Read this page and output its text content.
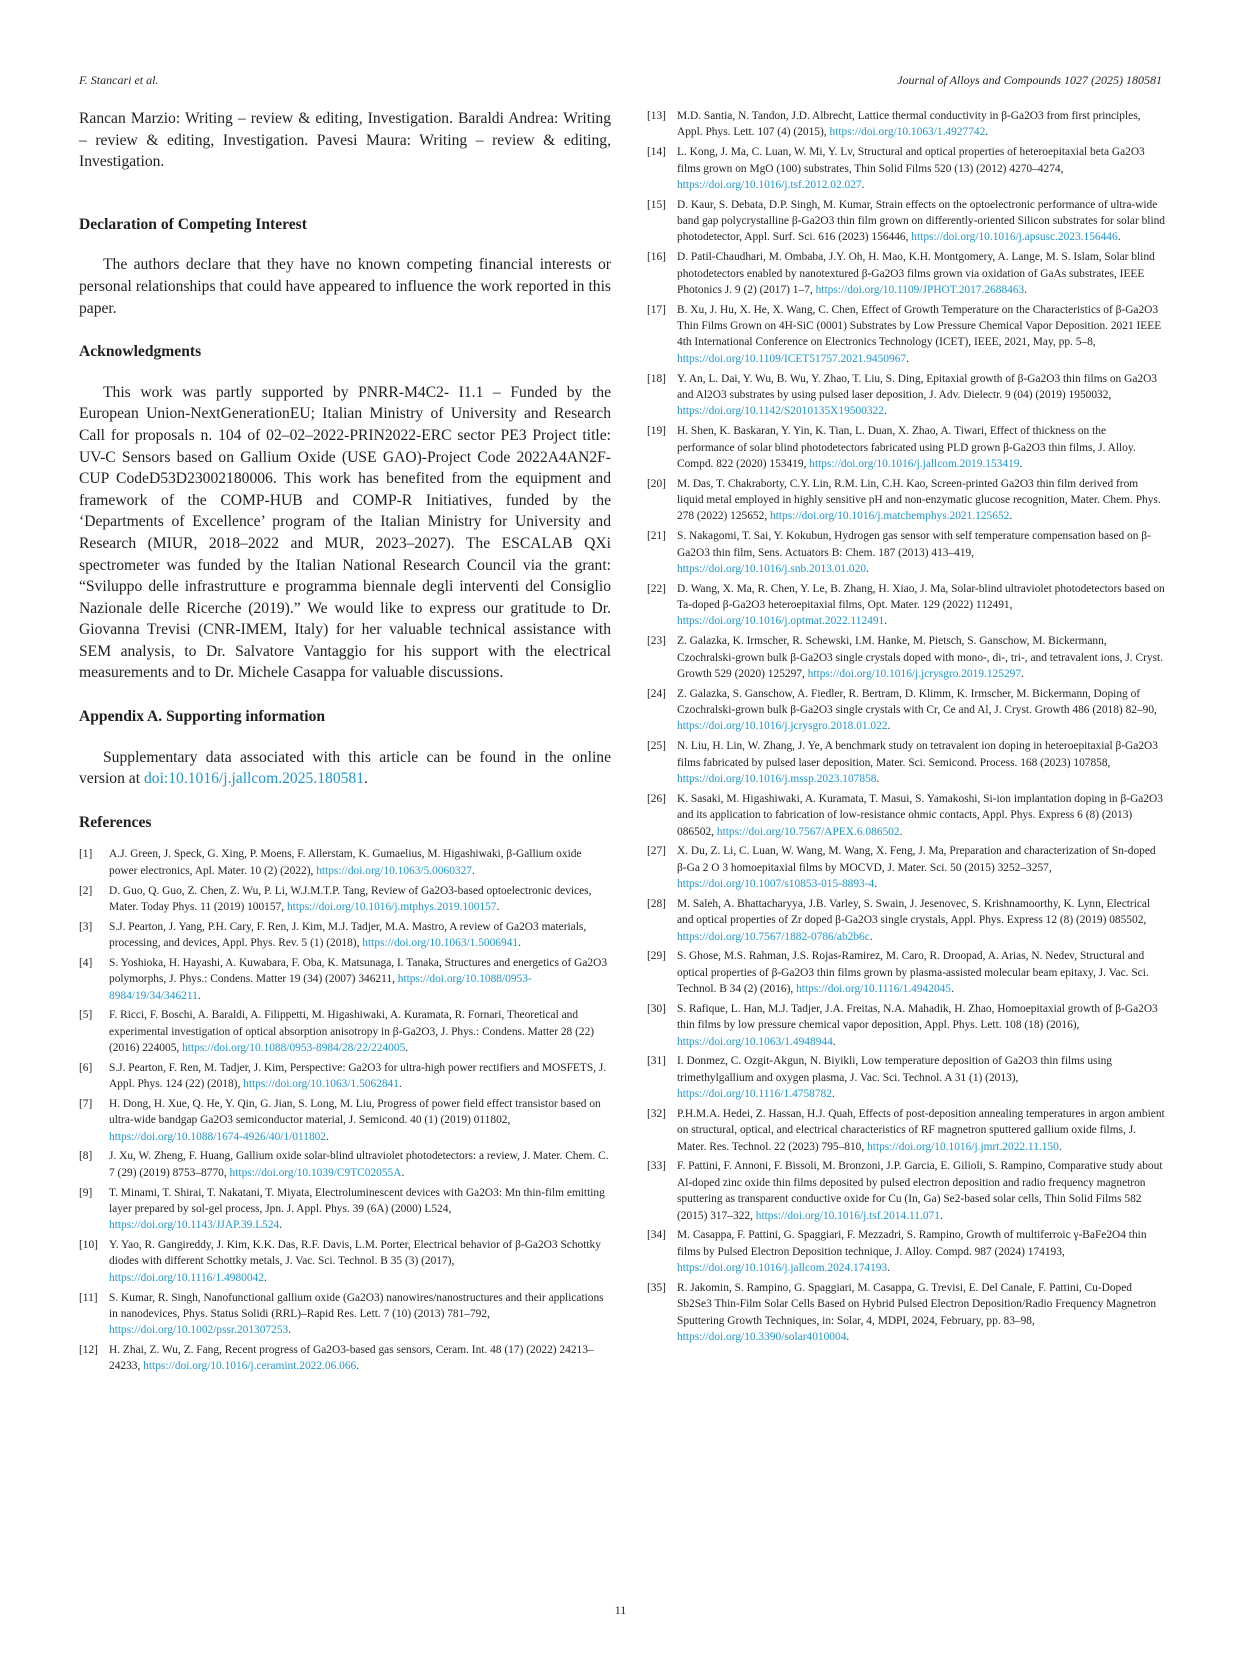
F. Stancari et al.	Journal of Alloys and Compounds 1027 (2025) 180581

Rancan Marzio: Writing – review & editing, Investigation. Baraldi Andrea: Writing – review & editing, Investigation. Pavesi Maura: Writing – review & editing, Investigation.

Declaration of Competing Interest

The authors declare that they have no known competing financial interests or personal relationships that could have appeared to influence the work reported in this paper.

Acknowledgments

This work was partly supported by PNRR-M4C2- I1.1 – Funded by the European Union-NextGenerationEU; Italian Ministry of University and Research Call for proposals n. 104 of 02–02–2022-PRIN2022-ERC sector PE3 Project title: UV-C Sensors based on Gallium Oxide (USE GAO)-Project Code 2022A4AN2F-CUP CodeD53D23002180006. This work has benefited from the equipment and framework of the COMP-HUB and COMP-R Initiatives, funded by the ‘Departments of Excellence’ program of the Italian Ministry for University and Research (MIUR, 2018–2022 and MUR, 2023–2027). The ESCALAB QXi spectrometer was funded by the Italian National Research Council via the grant: “Sviluppo delle infrastrutture e programma biennale degli interventi del Consiglio Nazionale delle Ricerche (2019).” We would like to express our gratitude to Dr. Giovanna Trevisi (CNR-IMEM, Italy) for her valuable technical assistance with SEM analysis, to Dr. Salvatore Vantaggio for his support with the electrical measurements and to Dr. Michele Casappa for valuable discussions.

Appendix A. Supporting information

Supplementary data associated with this article can be found in the online version at doi:10.1016/j.jallcom.2025.180581.

References
[1]	A.J. Green, J. Speck, G. Xing, P. Moens, F. Allerstam, K. Gumaelius, M. Higashiwaki, β-Gallium oxide power electronics, Apl. Mater. 10 (2) (2022), https://doi.org/10.1063/5.0060327.
[2]	D. Guo, Q. Guo, Z. Chen, Z. Wu, P. Li, W.J.M.T.P. Tang, Review of Ga2O3-based optoelectronic devices, Mater. Today Phys. 11 (2019) 100157, https://doi.org/10.1016/j.mtphys.2019.100157.
[3]	S.J. Pearton, J. Yang, P.H. Cary, F. Ren, J. Kim, M.J. Tadjer, M.A. Mastro, A review of Ga2O3 materials, processing, and devices, Appl. Phys. Rev. 5 (1) (2018), https://doi.org/10.1063/1.5006941.
[4]	S. Yoshioka, H. Hayashi, A. Kuwabara, F. Oba, K. Matsunaga, I. Tanaka, Structures and energetics of Ga2O3 polymorphs, J. Phys.: Condens. Matter 19 (34) (2007) 346211, https://doi.org/10.1088/0953-8984/19/34/346211.
[5]	F. Ricci, F. Boschi, A. Baraldi, A. Filippetti, M. Higashiwaki, A. Kuramata, R. Fornari, Theoretical and experimental investigation of optical absorption anisotropy in β-Ga2O3, J. Phys.: Condens. Matter 28 (22) (2016) 224005, https://doi.org/10.1088/0953-8984/28/22/224005.
[6]	S.J. Pearton, F. Ren, M. Tadjer, J. Kim, Perspective: Ga2O3 for ultra-high power rectifiers and MOSFETS, J. Appl. Phys. 124 (22) (2018), https://doi.org/10.1063/1.5062841.
[7]	H. Dong, H. Xue, Q. He, Y. Qin, G. Jian, S. Long, M. Liu, Progress of power field effect transistor based on ultra-wide bandgap Ga2O3 semiconductor material, J. Semicond. 40 (1) (2019) 011802, https://doi.org/10.1088/1674-4926/40/1/011802.
[8]	J. Xu, W. Zheng, F. Huang, Gallium oxide solar-blind ultraviolet photodetectors: a review, J. Mater. Chem. C. 7 (29) (2019) 8753–8770, https://doi.org/10.1039/C9TC02055A.
[9]	T. Minami, T. Shirai, T. Nakatani, T. Miyata, Electroluminescent devices with Ga2O3: Mn thin-film emitting layer prepared by sol-gel process, Jpn. J. Appl. Phys. 39 (6A) (2000) L524, https://doi.org/10.1143/JJAP.39.L524.
[10] Y. Yao, R. Gangireddy, J. Kim, K.K. Das, R.F. Davis, L.M. Porter, Electrical behavior of β-Ga2O3 Schottky diodes with different Schottky metals, J. Vac. Sci. Technol. B 35 (3) (2017), https://doi.org/10.1116/1.4980042.
[11]	S. Kumar, R. Singh, Nanofunctional gallium oxide (Ga2O3) nanowires/nanostructures and their applications in nanodevices, Phys. Status Solidi (RRL)–Rapid Res. Lett. 7 (10) (2013) 781–792, https://doi.org/10.1002/pssr.201307253.
[12] H. Zhai, Z. Wu, Z. Fang, Recent progress of Ga2O3-based gas sensors, Ceram. Int. 48 (17) (2022) 24213–24233, https://doi.org/10.1016/j.ceramint.2022.06.066.
[13] M.D. Santia, N. Tandon, J.D. Albrecht, Lattice thermal conductivity in β-Ga2O3 from first principles, Appl. Phys. Lett. 107 (4) (2015), https://doi.org/10.1063/1.4927742.
[14] L. Kong, J. Ma, C. Luan, W. Mi, Y. Lv, Structural and optical properties of heteroepitaxial beta Ga2O3 films grown on MgO (100) substrates, Thin Solid Films 520 (13) (2012) 4270–4274, https://doi.org/10.1016/j.tsf.2012.02.027.
[15] D. Kaur, S. Debata, D.P. Singh, M. Kumar, Strain effects on the optoelectronic performance of ultra-wide band gap polycrystalline β-Ga2O3 thin film grown on differently-oriented Silicon substrates for solar blind photodetector, Appl. Surf. Sci. 616 (2023) 156446, https://doi.org/10.1016/j.apsusc.2023.156446.
[16] D. Patil-Chaudhari, M. Ombaba, J.Y. Oh, H. Mao, K.H. Montgomery, A. Lange, M. S. Islam, Solar blind photodetectors enabled by nanotextured β-Ga2O3 films grown via oxidation of GaAs substrates, IEEE Photonics J. 9 (2) (2017) 1–7, https://doi.org/10.1109/JPHOT.2017.2688463.
[17] B. Xu, J. Hu, X. He, X. Wang, C. Chen, Effect of Growth Temperature on the Characteristics of β-Ga2O3 Thin Films Grown on 4H-SiC (0001) Substrates by Low Pressure Chemical Vapor Deposition. 2021 IEEE 4th International Conference on Electronics Technology (ICET), IEEE, 2021, May, pp. 5–8, https://doi.org/10.1109/ICET51757.2021.9450967.
[18] Y. An, L. Dai, Y. Wu, B. Wu, Y. Zhao, T. Liu, S. Ding, Epitaxial growth of β-Ga2O3 thin films on Ga2O3 and Al2O3 substrates by using pulsed laser deposition, J. Adv. Dielectr. 9 (04) (2019) 1950032, https://doi.org/10.1142/S2010135X19500322.
[19] H. Shen, K. Baskaran, Y. Yin, K. Tian, L. Duan, X. Zhao, A. Tiwari, Effect of thickness on the performance of solar blind photodetectors fabricated using PLD grown β-Ga2O3 thin films, J. Alloy. Compd. 822 (2020) 153419, https://doi.org/10.1016/j.jallcom.2019.153419.
[20] M. Das, T. Chakraborty, C.Y. Lin, R.M. Lin, C.H. Kao, Screen-printed Ga2O3 thin film derived from liquid metal employed in highly sensitive pH and non-enzymatic glucose recognition, Mater. Chem. Phys. 278 (2022) 125652, https://doi.org/10.1016/j.matchemphys.2021.125652.
[21] S. Nakagomi, T. Sai, Y. Kokubun, Hydrogen gas sensor with self temperature compensation based on β-Ga2O3 thin film, Sens. Actuators B: Chem. 187 (2013) 413–419, https://doi.org/10.1016/j.snb.2013.01.020.
[22] D. Wang, X. Ma, R. Chen, Y. Le, B. Zhang, H. Xiao, J. Ma, Solar-blind ultraviolet photodetectors based on Ta-doped β-Ga2O3 heteroepitaxial films, Opt. Mater. 129 (2022) 112491, https://doi.org/10.1016/j.optmat.2022.112491.
[23] Z. Galazka, K. Irmscher, R. Schewski, I.M. Hanke, M. Pietsch, S. Ganschow, M. Bickermann, Czochralski-grown bulk β-Ga2O3 single crystals doped with mono-, di-, tri-, and tetravalent ions, J. Cryst. Growth 529 (2020) 125297, https://doi.org/10.1016/j.jcrysgro.2019.125297.
[24] Z. Galazka, S. Ganschow, A. Fiedler, R. Bertram, D. Klimm, K. Irmscher, M. Bickermann, Doping of Czochralski-grown bulk β-Ga2O3 single crystals with Cr, Ce and Al, J. Cryst. Growth 486 (2018) 82–90, https://doi.org/10.1016/j.jcrysgro.2018.01.022.
[25] N. Liu, H. Lin, W. Zhang, J. Ye, A benchmark study on tetravalent ion doping in heteroepitaxial β-Ga2O3 films fabricated by pulsed laser deposition, Mater. Sci. Semicond. Process. 168 (2023) 107858, https://doi.org/10.1016/j.mssp.2023.107858.
[26] K. Sasaki, M. Higashiwaki, A. Kuramata, T. Masui, S. Yamakoshi, Si-ion implantation doping in β-Ga2O3 and its application to fabrication of low-resistance ohmic contacts, Appl. Phys. Express 6 (8) (2013) 086502, https://doi.org/10.7567/APEX.6.086502.
[27] X. Du, Z. Li, C. Luan, W. Wang, M. Wang, X. Feng, J. Ma, Preparation and characterization of Sn-doped β-Ga 2 O 3 homoepitaxial films by MOCVD, J. Mater. Sci. 50 (2015) 3252–3257, https://doi.org/10.1007/s10853-015-8893-4.
[28] M. Saleh, A. Bhattacharyya, J.B. Varley, S. Swain, J. Jesenovec, S. Krishnamoorthy, K. Lynn, Electrical and optical properties of Zr doped β-Ga2O3 single crystals, Appl. Phys. Express 12 (8) (2019) 085502, https://doi.org/10.7567/1882-0786/ab2b6c.
[29] S. Ghose, M.S. Rahman, J.S. Rojas-Ramirez, M. Caro, R. Droopad, A. Arias, N. Nedev, Structural and optical properties of β-Ga2O3 thin films grown by plasma-assisted molecular beam epitaxy, J. Vac. Sci. Technol. B 34 (2) (2016), https://doi.org/10.1116/1.4942045.
[30] S. Rafique, L. Han, M.J. Tadjer, J.A. Freitas, N.A. Mahadik, H. Zhao, Homoepitaxial growth of β-Ga2O3 thin films by low pressure chemical vapor deposition, Appl. Phys. Lett. 108 (18) (2016), https://doi.org/10.1063/1.4948944.
[31] I. Donmez, C. Ozgit-Akgun, N. Biyikli, Low temperature deposition of Ga2O3 thin films using trimethylgallium and oxygen plasma, J. Vac. Sci. Technol. A 31 (1) (2013), https://doi.org/10.1116/1.4758782.
[32] P.H.M.A. Hedei, Z. Hassan, H.J. Quah, Effects of post-deposition annealing temperatures in argon ambient on structural, optical, and electrical characteristics of RF magnetron sputtered gallium oxide films, J. Mater. Res. Technol. 22 (2023) 795–810, https://doi.org/10.1016/j.jmrt.2022.11.150.
[33] F. Pattini, F. Annoni, F. Bissoli, M. Bronzoni, J.P. Garcia, E. Gilioli, S. Rampino, Comparative study about Al-doped zinc oxide thin films deposited by pulsed electron deposition and radio frequency magnetron sputtering as transparent conductive oxide for Cu (In, Ga) Se2-based solar cells, Thin Solid Films 582 (2015) 317–322, https://doi.org/10.1016/j.tsf.2014.11.071.
[34] M. Casappa, F. Pattini, G. Spaggiari, F. Mezzadri, S. Rampino, Growth of multiferroic γ-BaFe2O4 thin films by Pulsed Electron Deposition technique, J. Alloy. Compd. 987 (2024) 174193, https://doi.org/10.1016/j.jallcom.2024.174193.
[35] R. Jakomin, S. Rampino, G. Spaggiari, M. Casappa, G. Trevisi, E. Del Canale, F. Pattini, Cu-Doped Sb2Se3 Thin-Film Solar Cells Based on Hybrid Pulsed Electron Deposition/Radio Frequency Magnetron Sputtering Growth Techniques, in: Solar, 4, MDPI, 2024, February, pp. 83–98, https://doi.org/10.3390/solar4010004.
11
